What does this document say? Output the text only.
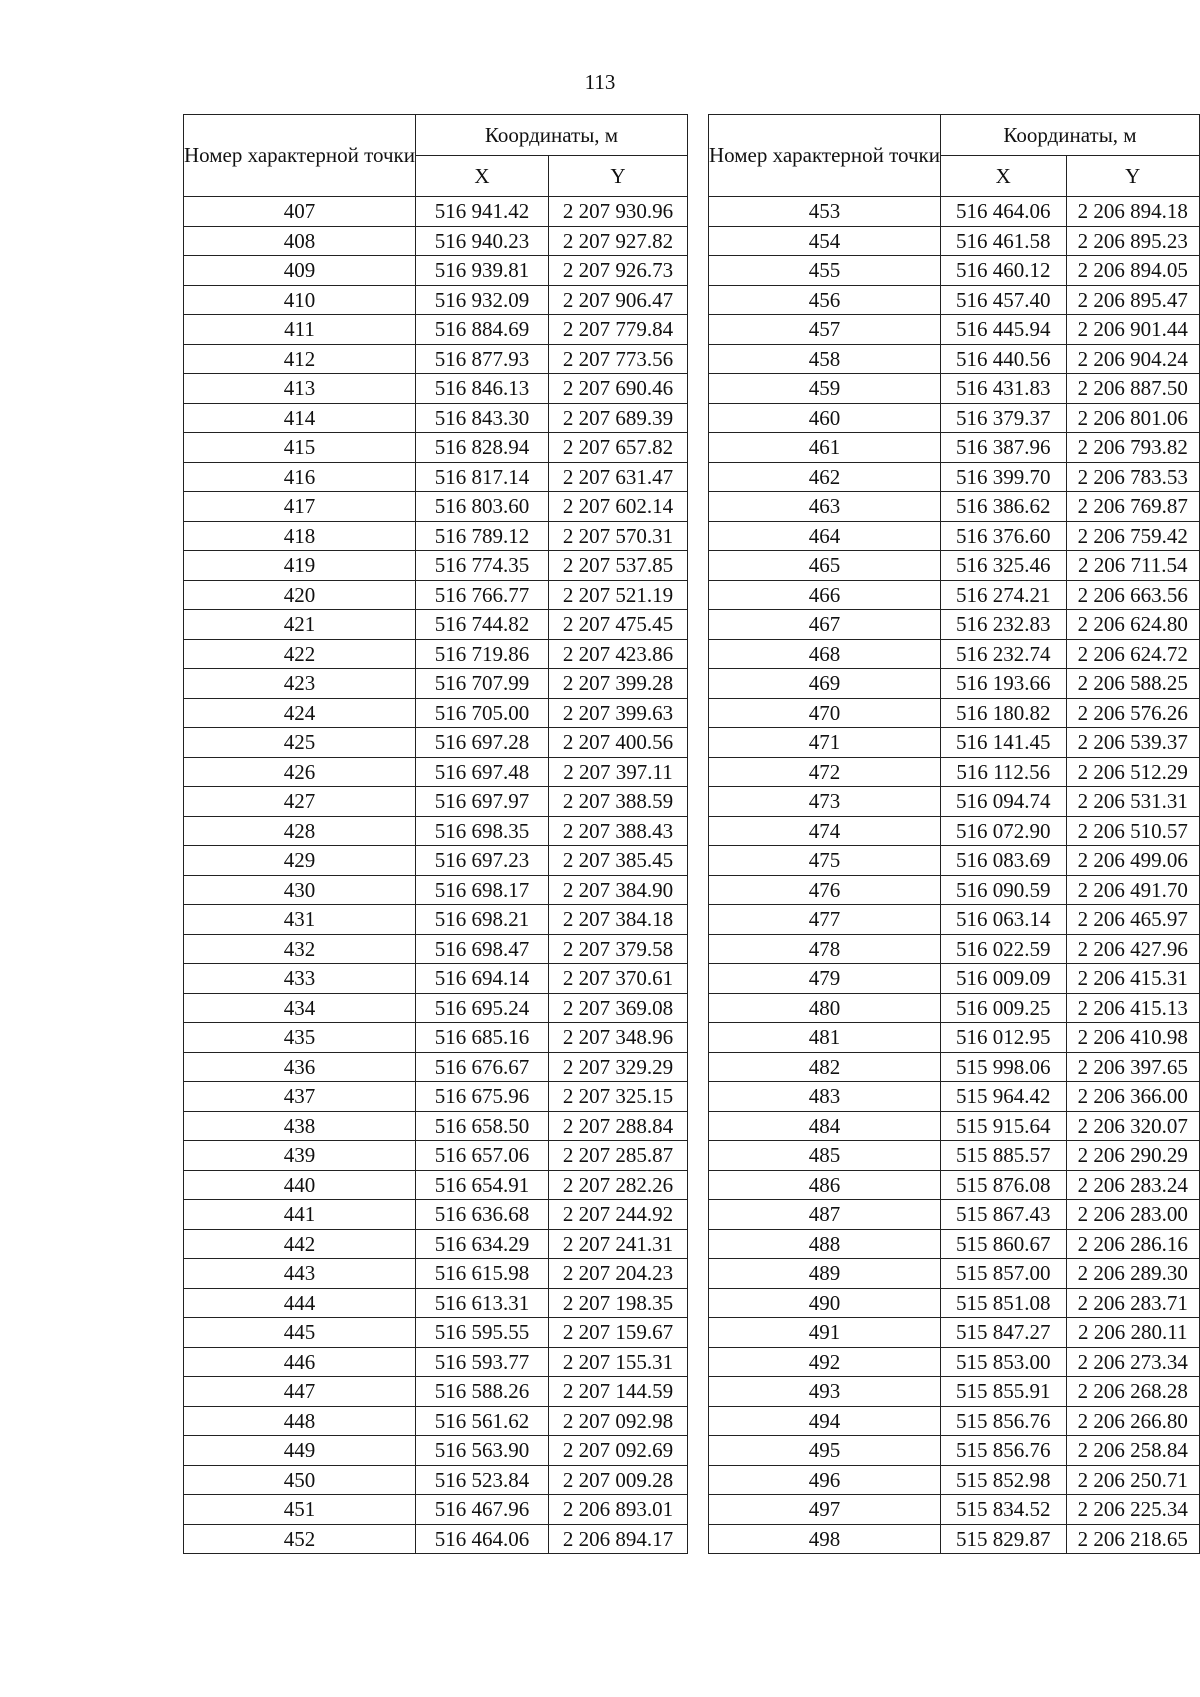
113
Номер характерной точки	Координаты, м	
	X	Y
407	516 941.42	2 207 930.96
408	516 940.23	2 207 927.82
409	516 939.81	2 207 926.73
410	516 932.09	2 207 906.47
411	516 884.69	2 207 779.84
412	516 877.93	2 207 773.56
413	516 846.13	2 207 690.46
414	516 843.30	2 207 689.39
415	516 828.94	2 207 657.82
416	516 817.14	2 207 631.47
417	516 803.60	2 207 602.14
418	516 789.12	2 207 570.31
419	516 774.35	2 207 537.85
420	516 766.77	2 207 521.19
421	516 744.82	2 207 475.45
422	516 719.86	2 207 423.86
423	516 707.99	2 207 399.28
424	516 705.00	2 207 399.63
425	516 697.28	2 207 400.56
426	516 697.48	2 207 397.11
427	516 697.97	2 207 388.59
428	516 698.35	2 207 388.43
429	516 697.23	2 207 385.45
430	516 698.17	2 207 384.90
431	516 698.21	2 207 384.18
432	516 698.47	2 207 379.58
433	516 694.14	2 207 370.61
434	516 695.24	2 207 369.08
435	516 685.16	2 207 348.96
436	516 676.67	2 207 329.29
437	516 675.96	2 207 325.15
438	516 658.50	2 207 288.84
439	516 657.06	2 207 285.87
440	516 654.91	2 207 282.26
441	516 636.68	2 207 244.92
442	516 634.29	2 207 241.31
443	516 615.98	2 207 204.23
444	516 613.31	2 207 198.35
445	516 595.55	2 207 159.67
446	516 593.77	2 207 155.31
447	516 588.26	2 207 144.59
448	516 561.62	2 207 092.98
449	516 563.90	2 207 092.69
450	516 523.84	2 207 009.28
451	516 467.96	2 206 893.01
452	516 464.06	2 206 894.17
Номер характерной точки	Координаты, м	
	X	Y
453	516 464.06	2 206 894.18
454	516 461.58	2 206 895.23
455	516 460.12	2 206 894.05
456	516 457.40	2 206 895.47
457	516 445.94	2 206 901.44
458	516 440.56	2 206 904.24
459	516 431.83	2 206 887.50
460	516 379.37	2 206 801.06
461	516 387.96	2 206 793.82
462	516 399.70	2 206 783.53
463	516 386.62	2 206 769.87
464	516 376.60	2 206 759.42
465	516 325.46	2 206 711.54
466	516 274.21	2 206 663.56
467	516 232.83	2 206 624.80
468	516 232.74	2 206 624.72
469	516 193.66	2 206 588.25
470	516 180.82	2 206 576.26
471	516 141.45	2 206 539.37
472	516 112.56	2 206 512.29
473	516 094.74	2 206 531.31
474	516 072.90	2 206 510.57
475	516 083.69	2 206 499.06
476	516 090.59	2 206 491.70
477	516 063.14	2 206 465.97
478	516 022.59	2 206 427.96
479	516 009.09	2 206 415.31
480	516 009.25	2 206 415.13
481	516 012.95	2 206 410.98
482	515 998.06	2 206 397.65
483	515 964.42	2 206 366.00
484	515 915.64	2 206 320.07
485	515 885.57	2 206 290.29
486	515 876.08	2 206 283.24
487	515 867.43	2 206 283.00
488	515 860.67	2 206 286.16
489	515 857.00	2 206 289.30
490	515 851.08	2 206 283.71
491	515 847.27	2 206 280.11
492	515 853.00	2 206 273.34
493	515 855.91	2 206 268.28
494	515 856.76	2 206 266.80
495	515 856.76	2 206 258.84
496	515 852.98	2 206 250.71
497	515 834.52	2 206 225.34
498	515 829.87	2 206 218.65
